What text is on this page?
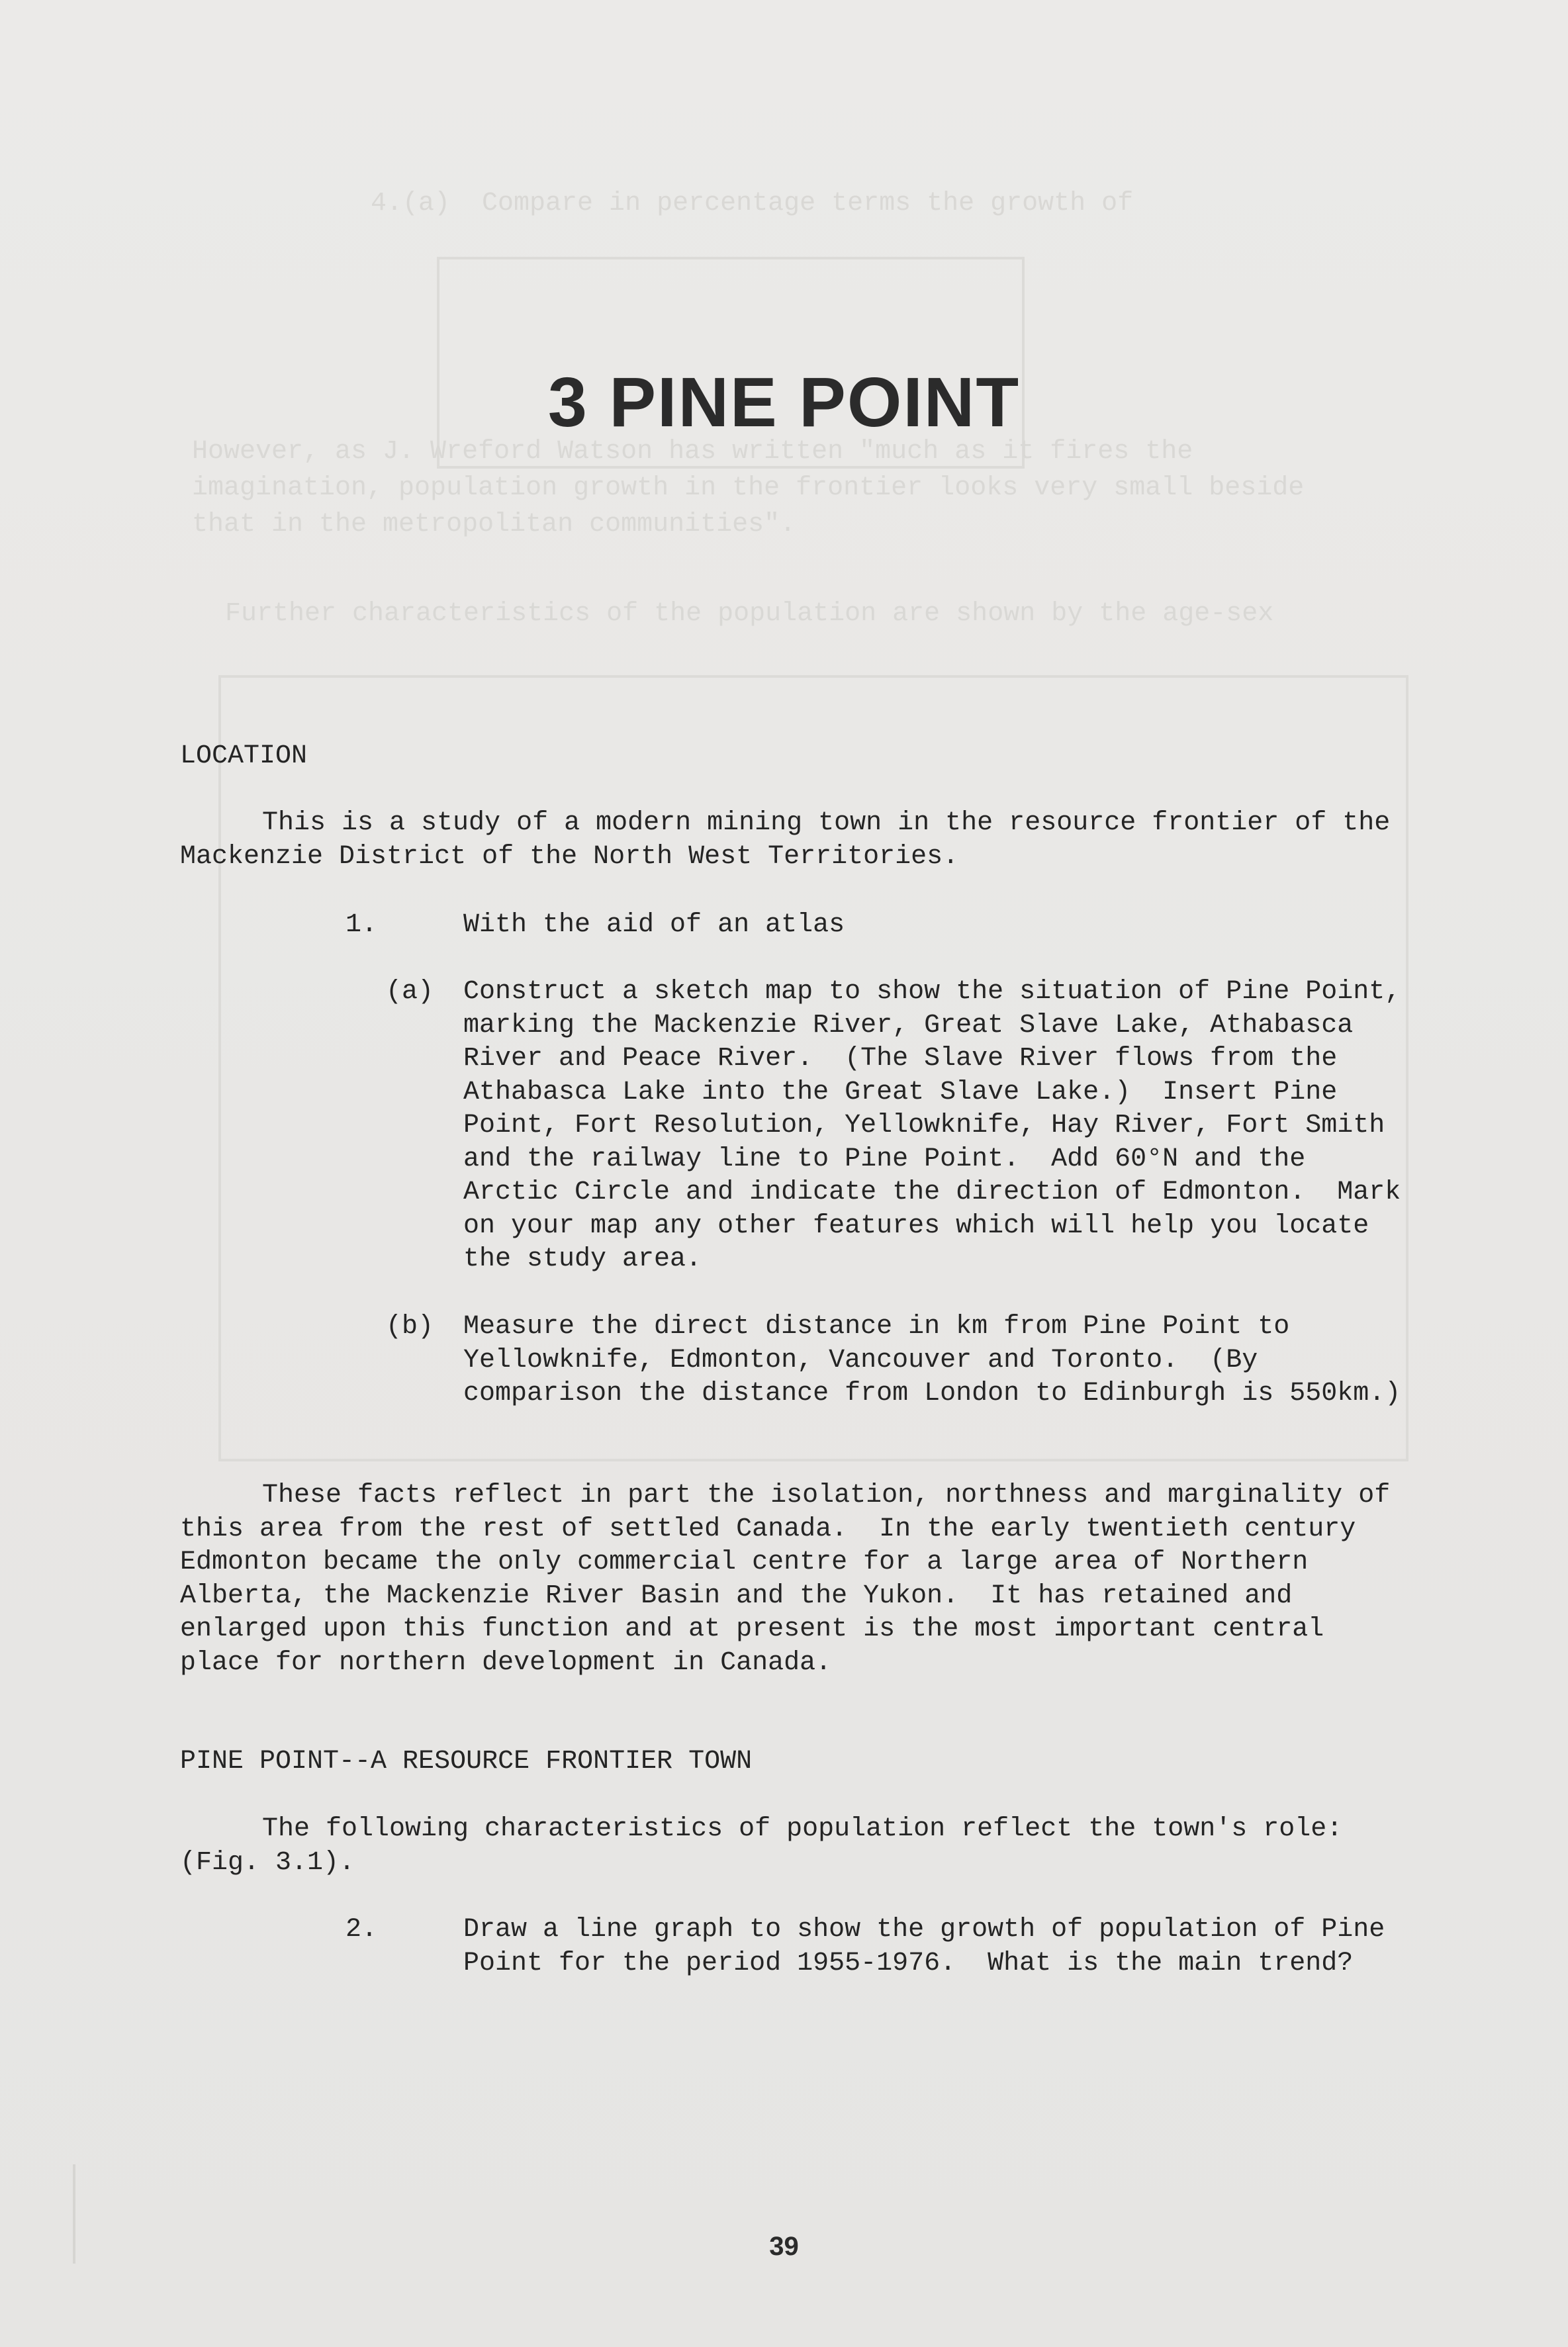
4.(a)  Compare in percentage terms the growth of
However, as J. Wreford Watson has written "much as it fires the
imagination, population growth in the frontier looks very small beside
that in the metropolitan communities".
Further characteristics of the population are shown by the age-sex
3 PINE POINT

LOCATION

This is a study of a modern mining town in the resource frontier of the Mackenzie District of the North West Territories.

1.	With the aid of an atlas

(a) Construct a sketch map to show the situation of Pine Point, marking the Mackenzie River, Great Slave Lake, Athabasca River and Peace River.  (The Slave River flows from the Athabasca Lake into the Great Slave Lake.)  Insert Pine Point, Fort Resolution, Yellowknife, Hay River, Fort Smith and the railway line to Pine Point.  Add 60°N and the Arctic Circle and indicate the direction of Edmonton.  Mark on your map any other features which will help you locate the study area.

(b) Measure the direct distance in km from Pine Point to Yellowknife, Edmonton, Vancouver and Toronto.  (By comparison the distance from London to Edinburgh is 550km.)

These facts reflect in part the isolation, northness and marginality of this area from the rest of settled Canada.  In the early twentieth century Edmonton became the only commercial centre for a large area of Northern Alberta, the Mackenzie River Basin and the Yukon.  It has retained and enlarged upon this function and at present is the most important central place for northern development in Canada.

PINE POINT--A RESOURCE FRONTIER TOWN

The following characteristics of population reflect the town's role: (Fig. 3.1).

2.	Draw a line graph to show the growth of population of Pine Point for the period 1955-1976.  What is the main trend?

39
